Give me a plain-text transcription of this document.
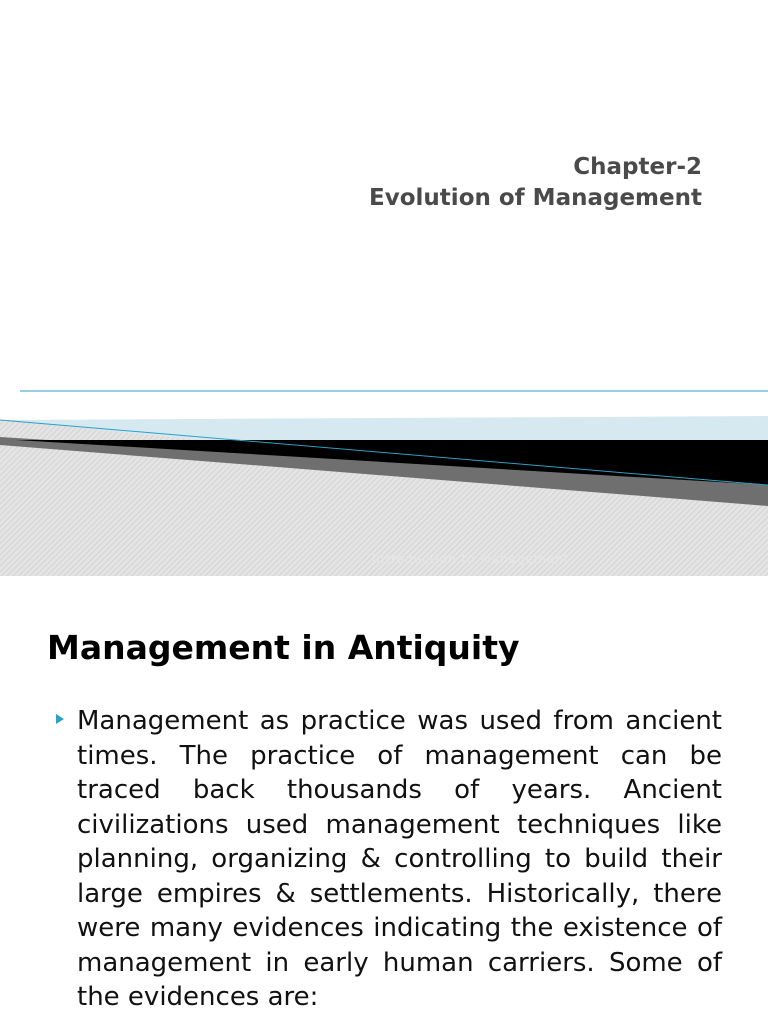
Chapter-2
Evolution of Management
Introduction to Management
Management in Antiquity

Management as practice was used from ancient times. The practice of management can be traced back thousands of years. Ancient civilizations used management techniques like planning, organizing & controlling to build their large empires & settlements. Historically, there were many evidences indicating the existence of management in early human carriers. Some of the evidences are:
